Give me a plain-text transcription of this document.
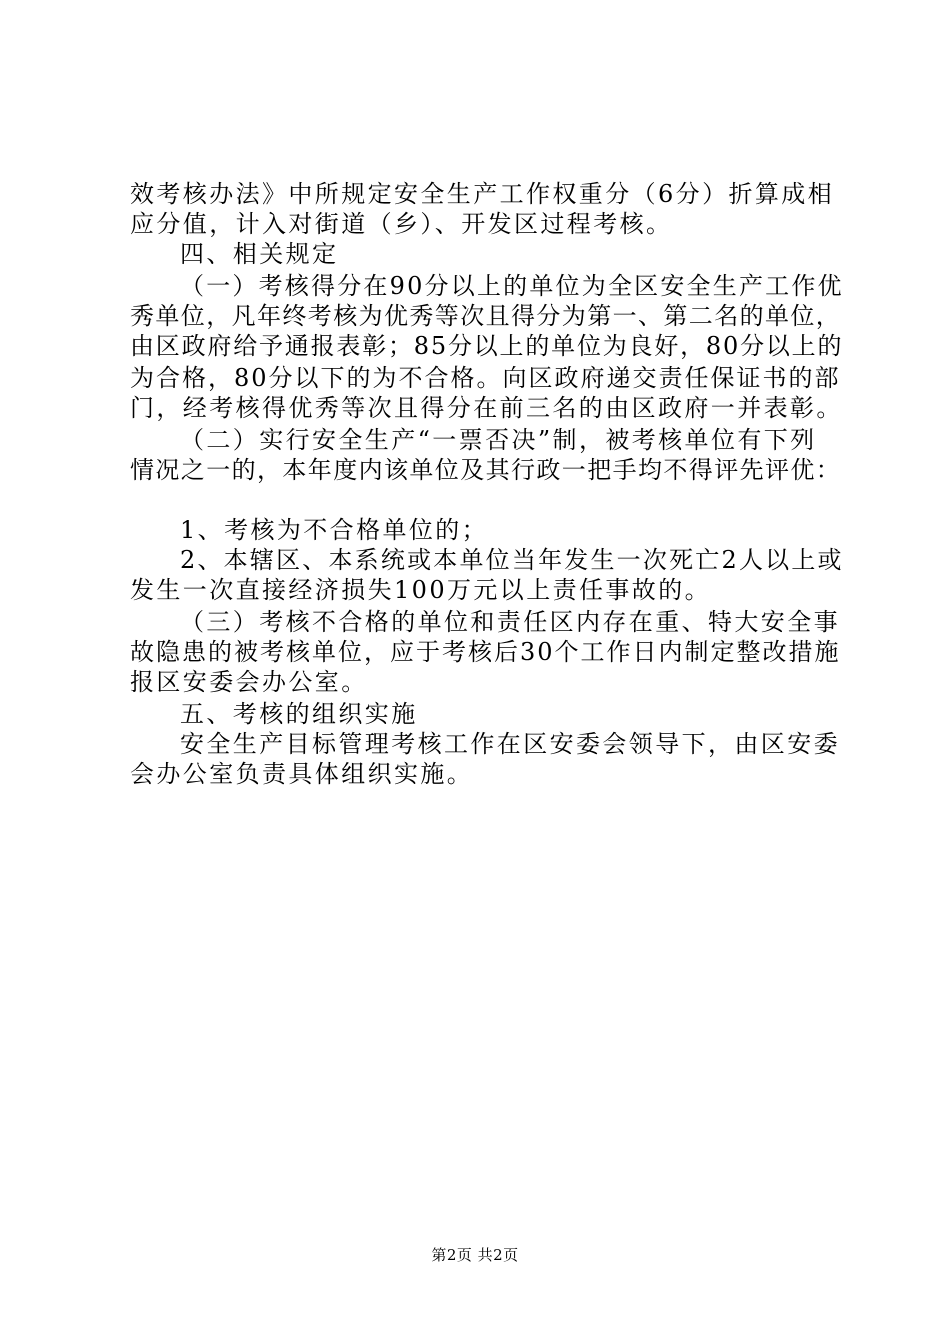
效考核办法》中所规定安全生产工作权重分（6分）折算成相
应分值，计入对街道（乡）、开发区过程考核。
四、相关规定
（一）考核得分在90分以上的单位为全区安全生产工作优
秀单位，凡年终考核为优秀等次且得分为第一、第二名的单位，
由区政府给予通报表彰；85分以上的单位为良好，80分以上的
为合格，80分以下的为不合格。向区政府递交责任保证书的部
门，经考核得优秀等次且得分在前三名的由区政府一并表彰。
（二）实行安全生产“一票否决”制，被考核单位有下列
情况之一的，本年度内该单位及其行政一把手均不得评先评优：
1、考核为不合格单位的；
2、本辖区、本系统或本单位当年发生一次死亡2人以上或
发生一次直接经济损失100万元以上责任事故的。
（三）考核不合格的单位和责任区内存在重、特大安全事
故隐患的被考核单位，应于考核后30个工作日内制定整改措施
报区安委会办公室。
五、考核的组织实施
安全生产目标管理考核工作在区安委会领导下，由区安委
会办公室负责具体组织实施。
第2页 共2页
